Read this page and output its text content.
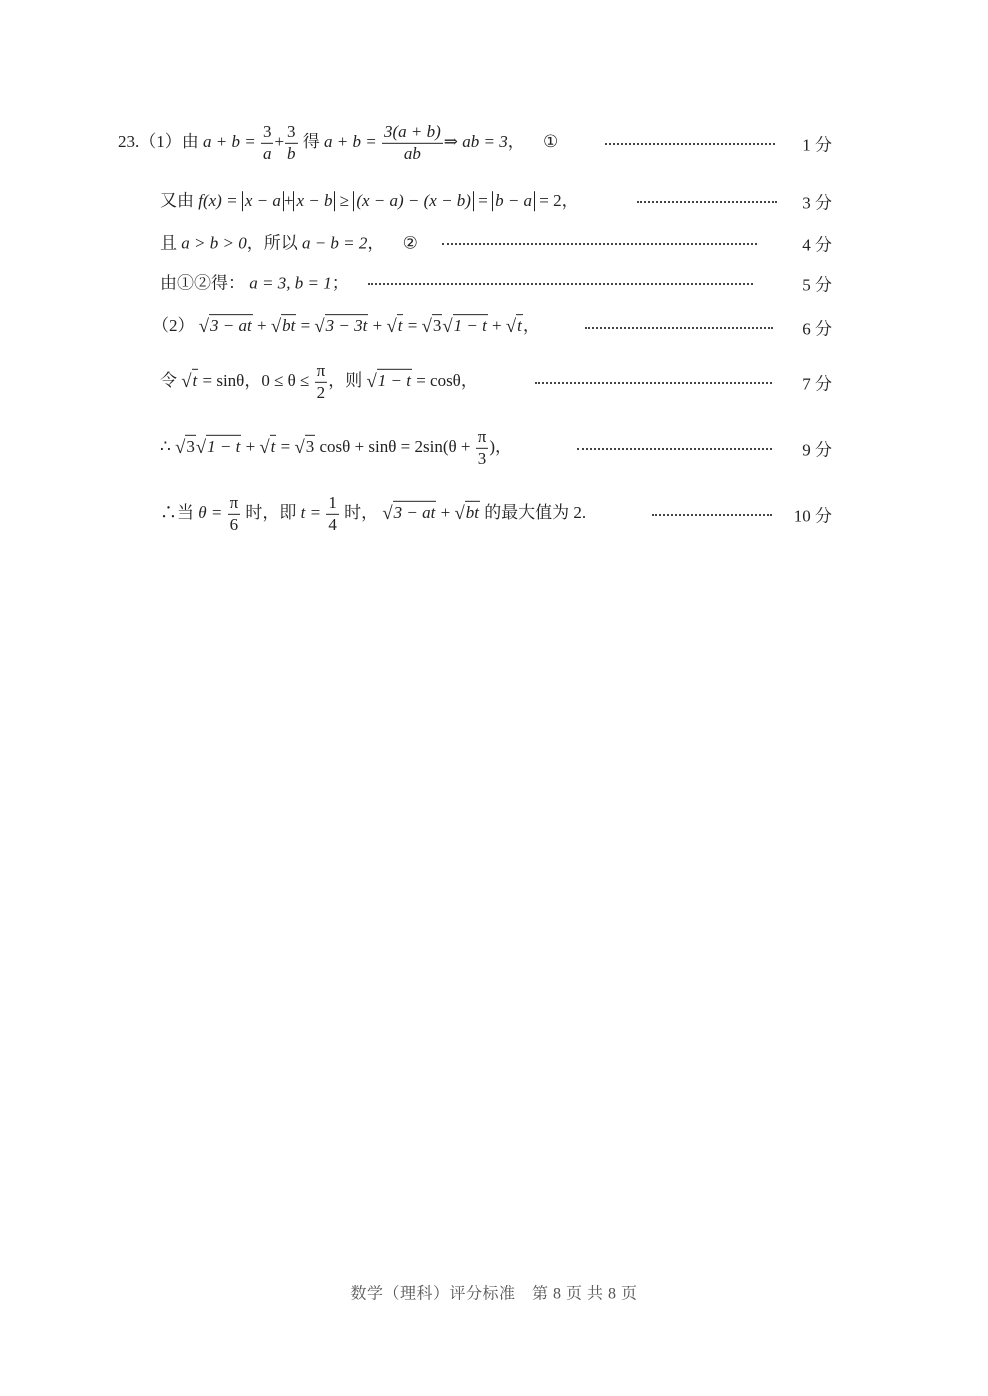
23.（1）由 $a + b = \frac{3}{a} + \frac{3}{b}$ 得 $a + b = \frac{3(a + b)}{ab}$ ⇒ ab = 3， ①	1 分
又由 f(x) = x − a + x − b ≥ (x − a) − (x − b) = b − a = 2，	3 分
且 a > b > 0，所以 a − b = 2， ②	4 分
由①②得： a = 3, b = 1；	5 分
（2） √3 − at + √bt = √3 − 3t + √t = √3√1 − t + √t，	6 分
令 √t = sinθ，$0 \le \theta \le \frac{\pi}{2}$ ，则 √1 − t = cosθ，	7 分
∴ √3√1 − t + √t = √3 $\cos\theta + \sin\theta = 2\sin(\theta + \frac{\pi}{3}$ )，	9 分
∴当 $\theta = \frac{\pi}{6}$ 时，即 $t = \frac{1}{4}$ 时， √3 − at + √bt 的最大值为 2.	10 分
数学（理科）评分标准　第 8 页 共 8 页
